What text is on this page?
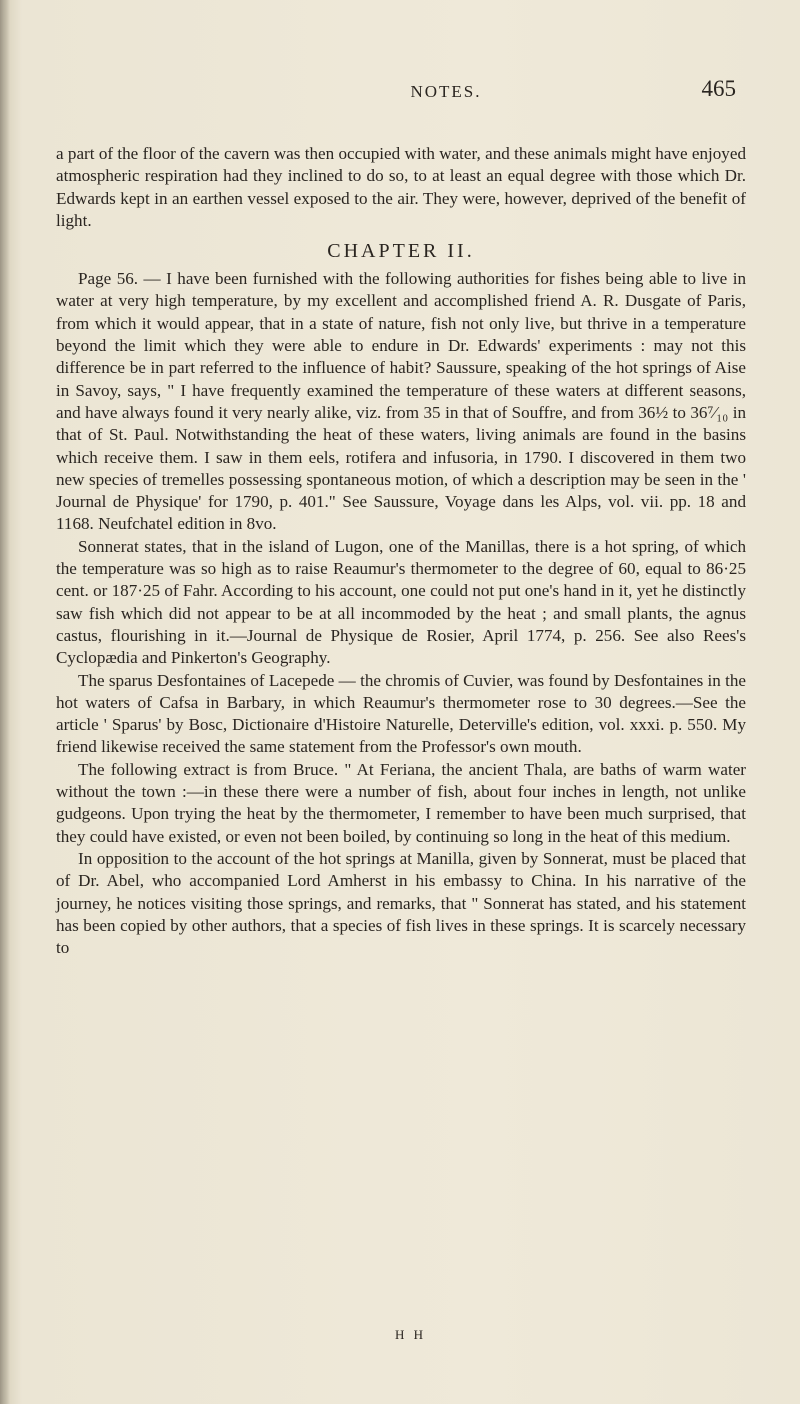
NOTES.	465

a part of the floor of the cavern was then occupied with water, and these animals might have enjoyed atmospheric respiration had they inclined to do so, to at least an equal degree with those which Dr. Edwards kept in an earthen vessel exposed to the air. They were, however, deprived of the benefit of light.

CHAPTER II.

Page 56. — I have been furnished with the following authorities for fishes being able to live in water at very high temperature, by my excellent and accomplished friend A. R. Dusgate of Paris, from which it would appear, that in a state of nature, fish not only live, but thrive in a temperature beyond the limit which they were able to endure in Dr. Edwards' experiments : may not this difference be in part referred to the influence of habit? Saussure, speaking of the hot springs of Aise in Savoy, says, " I have frequently examined the temperature of these waters at different seasons, and have always found it very nearly alike, viz. from 35 in that of Souffre, and from 36½ to 36⁷⁄₁₀ in that of St. Paul. Notwithstanding the heat of these waters, living animals are found in the basins which receive them. I saw in them eels, rotifera and infusoria, in 1790. I discovered in them two new species of tremelles possessing spontaneous motion, of which a description may be seen in the ' Journal de Physique' for 1790, p. 401." See Saussure, Voyage dans les Alps, vol. vii. pp. 18 and 1168. Neufchatel edition in 8vo.

Sonnerat states, that in the island of Lugon, one of the Manillas, there is a hot spring, of which the temperature was so high as to raise Reaumur's thermometer to the degree of 60, equal to 86·25 cent. or 187·25 of Fahr. According to his account, one could not put one's hand in it, yet he distinctly saw fish which did not appear to be at all incommoded by the heat ; and small plants, the agnus castus, flourishing in it.—Journal de Physique de Rosier, April 1774, p. 256. See also Rees's Cyclopædia and Pinkerton's Geography.

The sparus Desfontaines of Lacepede — the chromis of Cuvier, was found by Desfontaines in the hot waters of Cafsa in Barbary, in which Reaumur's thermometer rose to 30 degrees.—See the article ' Sparus' by Bosc, Dictionaire d'Histoire Naturelle, Deterville's edition, vol. xxxi. p. 550. My friend likewise received the same statement from the Professor's own mouth.

The following extract is from Bruce. " At Feriana, the ancient Thala, are baths of warm water without the town :—in these there were a number of fish, about four inches in length, not unlike gudgeons. Upon trying the heat by the thermometer, I remember to have been much surprised, that they could have existed, or even not been boiled, by continuing so long in the heat of this medium.

In opposition to the account of the hot springs at Manilla, given by Sonnerat, must be placed that of Dr. Abel, who accompanied Lord Amherst in his embassy to China. In his narrative of the journey, he notices visiting those springs, and remarks, that " Sonnerat has stated, and his statement has been copied by other authors, that a species of fish lives in these springs. It is scarcely necessary to

H H
